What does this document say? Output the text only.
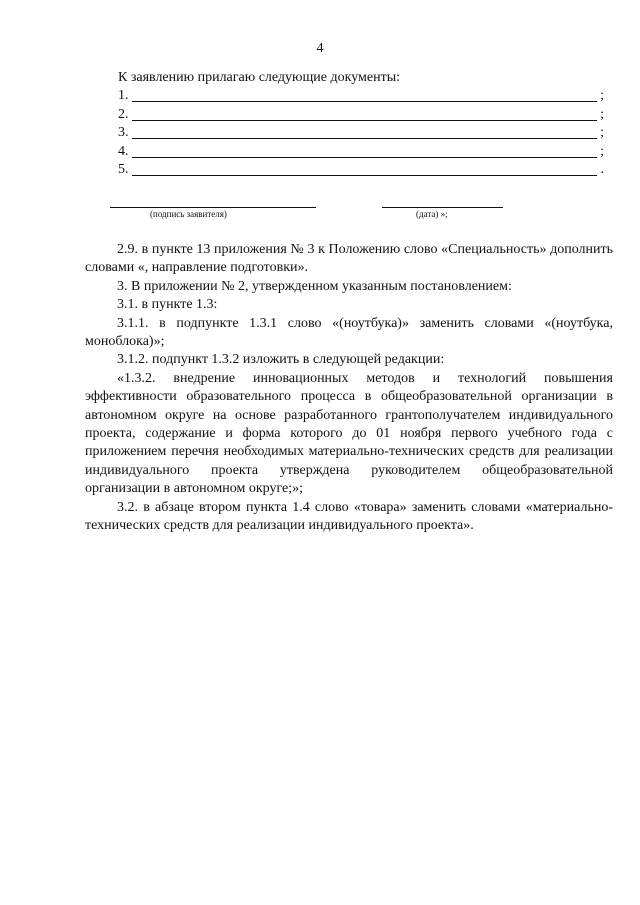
4
К заявлению прилагаю следующие документы:
1.	;
2.	;
3.	;
4.	;
5.	.
(подпись заявителя)	(дата) »;

2.9. в пункте 13 приложения № 3 к Положению слово «Специальность» дополнить словами «, направление подготовки».

3. В приложении № 2, утвержденном указанным постановлением:

3.1. в пункте 1.3:

3.1.1. в подпункте 1.3.1 слово «(ноутбука)» заменить словами «(ноутбука, моноблока)»;

3.1.2. подпункт 1.3.2 изложить в следующей редакции:

«1.3.2. внедрение инновационных методов и технологий повышения эффективности образовательного процесса в общеобразовательной организации в автономном округе на основе разработанного грантополучателем индивидуального проекта, содержание и форма которого до 01 ноября первого учебного года с приложением перечня необходимых материально-технических средств для реализации индивидуального проекта утверждена руководителем общеобразовательной организации в автономном округе;»;

3.2. в абзаце втором пункта 1.4 слово «товара» заменить словами «материально-технических средств для реализации индивидуального проекта».
